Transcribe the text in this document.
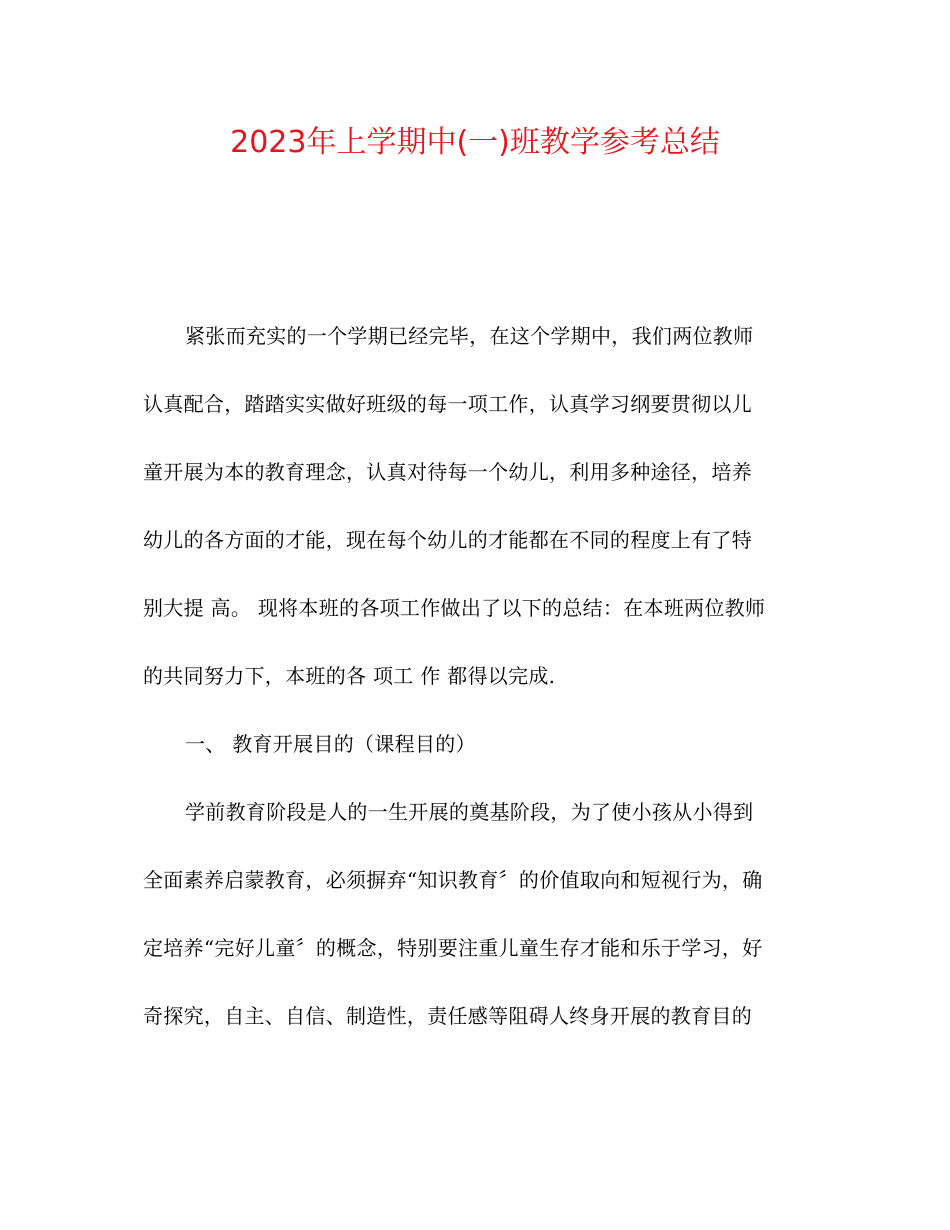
2023年上学期中(一)班教学参考总结
紧张而充实的一个学期已经完毕，在这个学期中，我们两位教师
认真配合，踏踏实实做好班级的每一项工作，认真学习纲要贯彻以儿
童开展为本的教育理念，认真对待每一个幼儿，利用多种途径，培养
幼儿的各方面的才能，现在每个幼儿的才能都在不同的程度上有了特
别大提 高。 现将本班的各项工作做出了以下的总结：在本班两位教师
的共同努力下，本班的各 项工 作 都得以完成.
一、 教育开展目的（课程目的）
学前教育阶段是人的一生开展的奠基阶段，为了使小孩从小得到
全面素养启蒙教育，必须摒弃“知识教育〞的价值取向和短视行为，确
定培养“完好儿童〞的概念，特别要注重儿童生存才能和乐于学习，好
奇探究，自主、自信、制造性，责任感等阻碍人终身开展的教育目的
